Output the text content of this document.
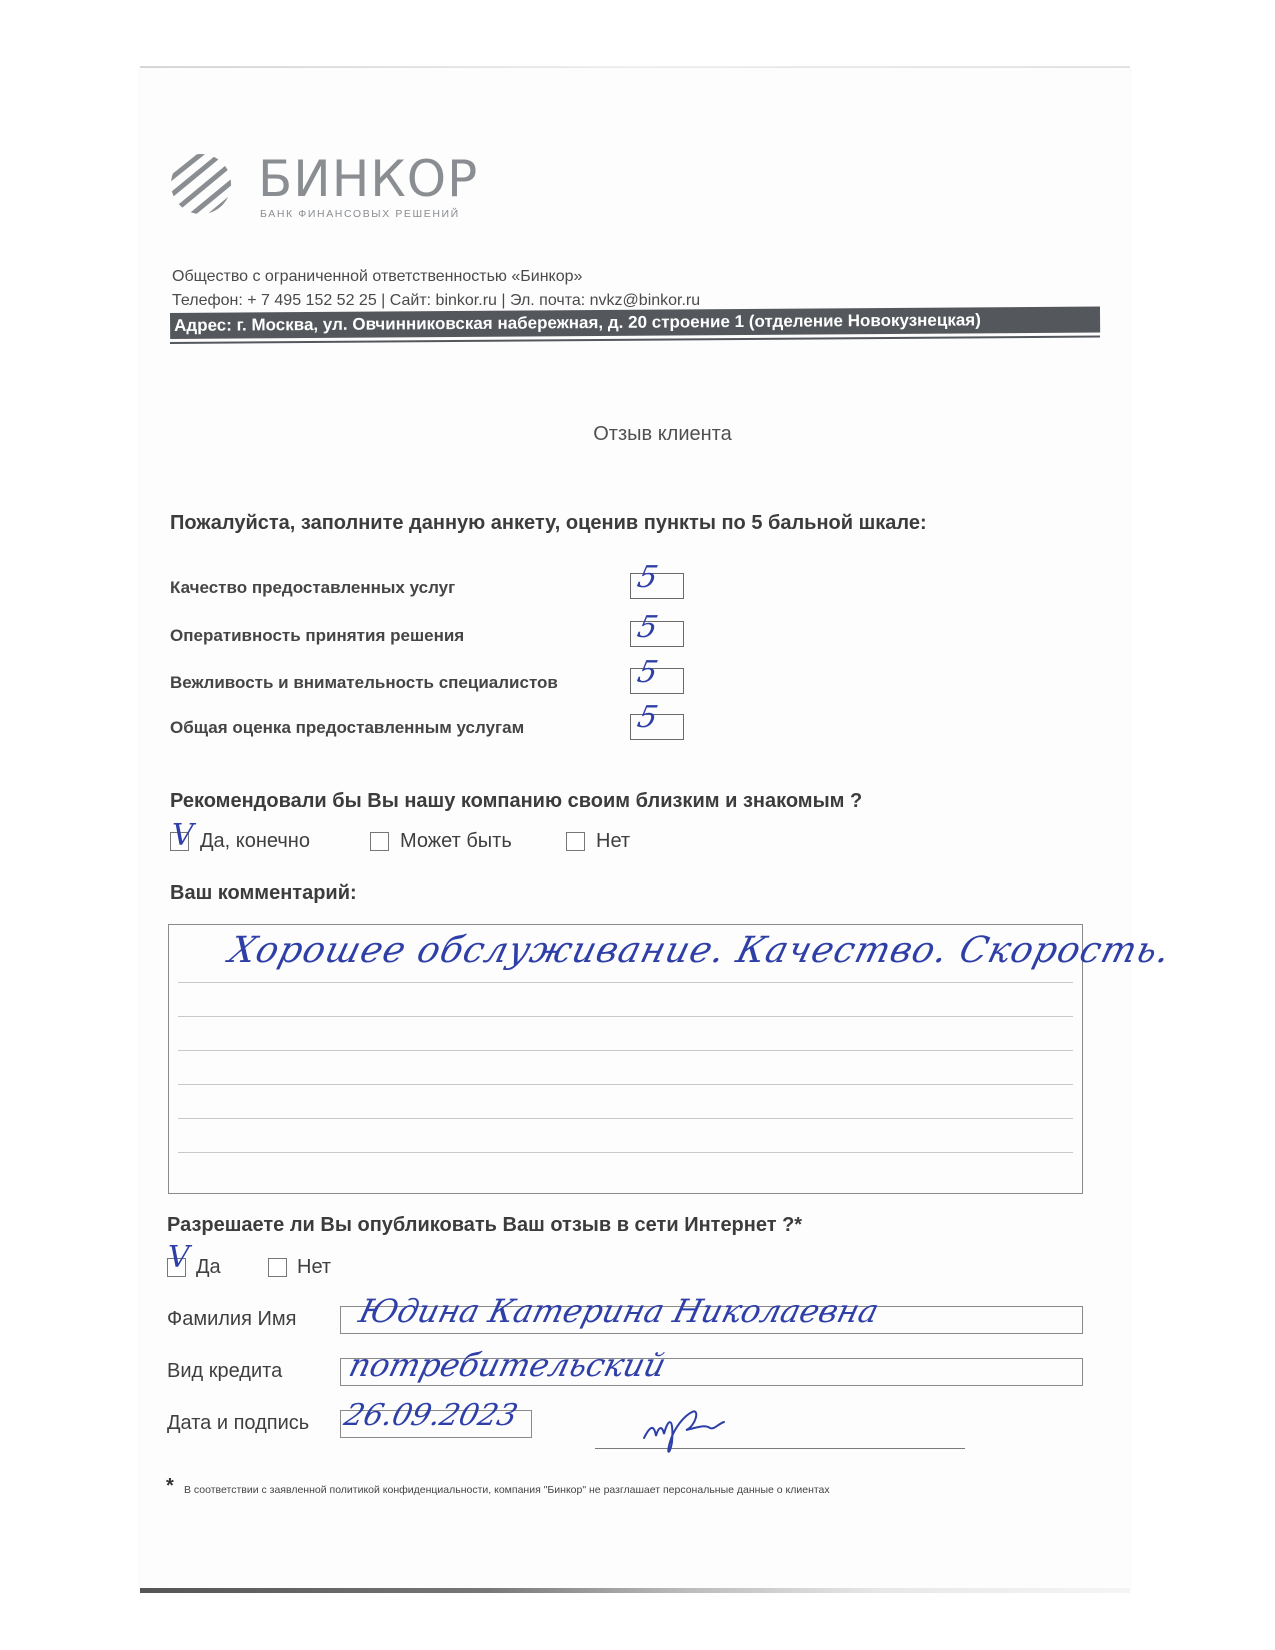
БИНКОР
БАНК ФИНАНСОВЫХ РЕШЕНИЙ
Общество с ограниченной ответственностью «Бинкор»
Телефон: + 7 495 152 52 25 | Сайт: binkor.ru | Эл. почта: nvkz@binkor.ru
Адрес: г. Москва, ул. Овчинниковская набережная, д. 20 строение 1 (отделение Новокузнецкая)
Отзыв клиента
Пожалуйста, заполните данную анкету, оценив пункты по 5 бальной шкале:
Качество предоставленных услуг	5
Оперативность принятия решения	5
Вежливость и внимательность специалистов	5
Общая оценка предоставленным услугам	5
Рекомендовали бы Вы нашу компанию своим близким и знакомым ?
V Да, конечно	Может быть	Нет
Ваш комментарий:
Хорошее обслуживание. Качество. Скорость.
Разрешаете ли Вы опубликовать Ваш отзыв в сети Интернет ?*
V Да	Нет
Фамилия Имя Юдина Катерина Николаевна
Вид кредита потребительский
Дата и подпись 26.09.2023
* В соответствии с заявленной политикой конфиденциальности, компания "Бинкор" не разглашает персональные данные о клиентах
